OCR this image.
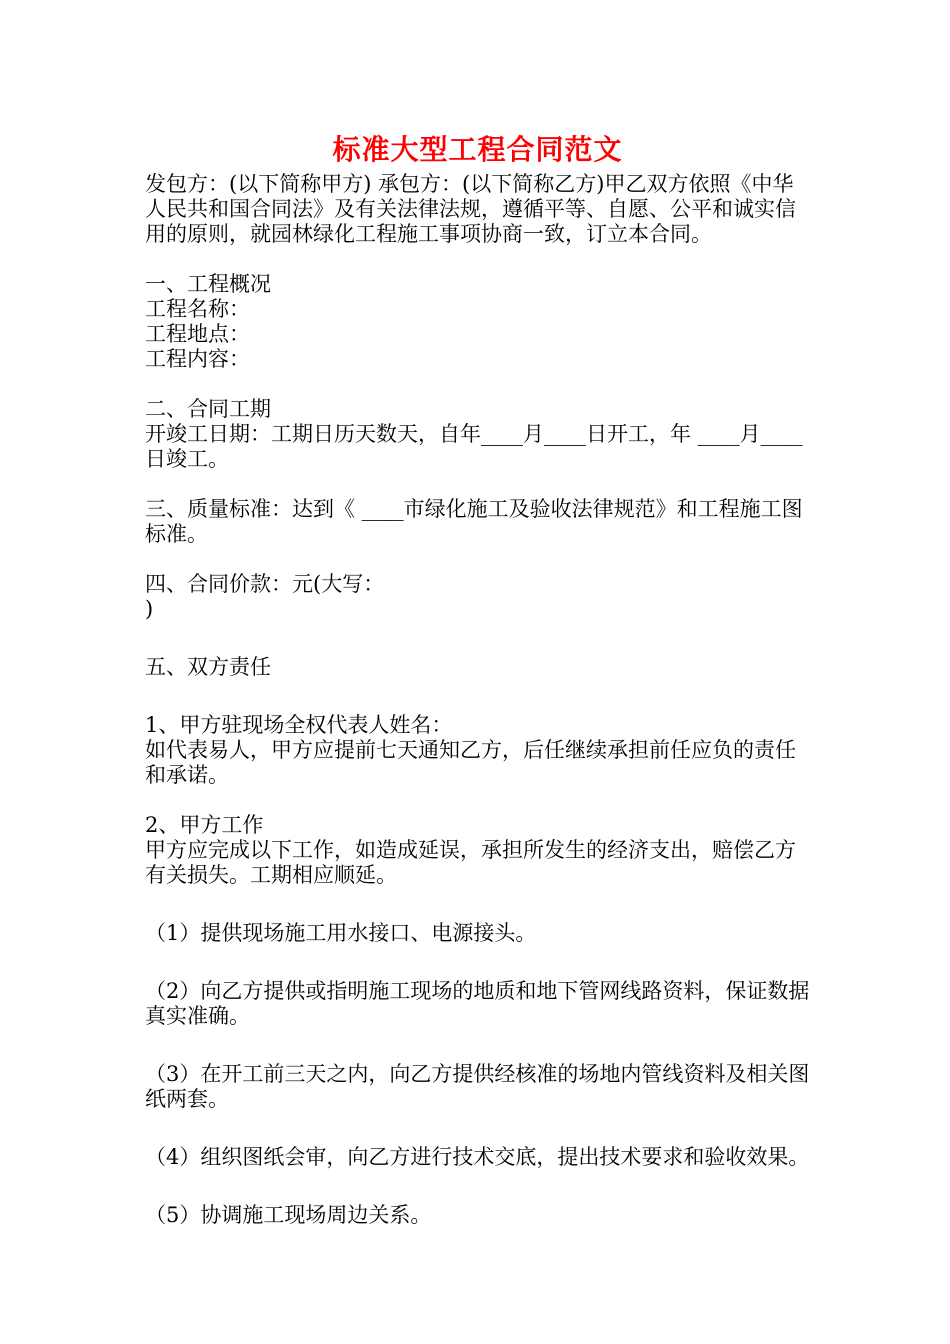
标准大型工程合同范文

发包方：(以下简称甲方) 承包方：(以下简称乙方)甲乙双方依照《中华人民共和国合同法》及有关法律法规，遵循平等、自愿、公平和诚实信用的原则，就园林绿化工程施工事项协商一致，订立本合同。

一、工程概况

工程名称：

工程地点：

工程内容：

二、合同工期

开竣工日期：工期日历天数天，自年____月____日开工，年 ____月____日竣工。

三、质量标准：达到《 ____市绿化施工及验收法律规范》和工程施工图标准。

四、合同价款：元(大写：

)

五、双方责任

1、甲方驻现场全权代表人姓名：

如代表易人，甲方应提前七天通知乙方，后任继续承担前任应负的责任和承诺。

2、甲方工作

甲方应完成以下工作，如造成延误，承担所发生的经济支出，赔偿乙方有关损失。工期相应顺延。

（1）提供现场施工用水接口、电源接头。

（2）向乙方提供或指明施工现场的地质和地下管网线路资料，保证数据真实准确。

（3）在开工前三天之内，向乙方提供经核准的场地内管线资料及相关图纸两套。

（4）组织图纸会审，向乙方进行技术交底，提出技术要求和验收效果。

（5）协调施工现场周边关系。
